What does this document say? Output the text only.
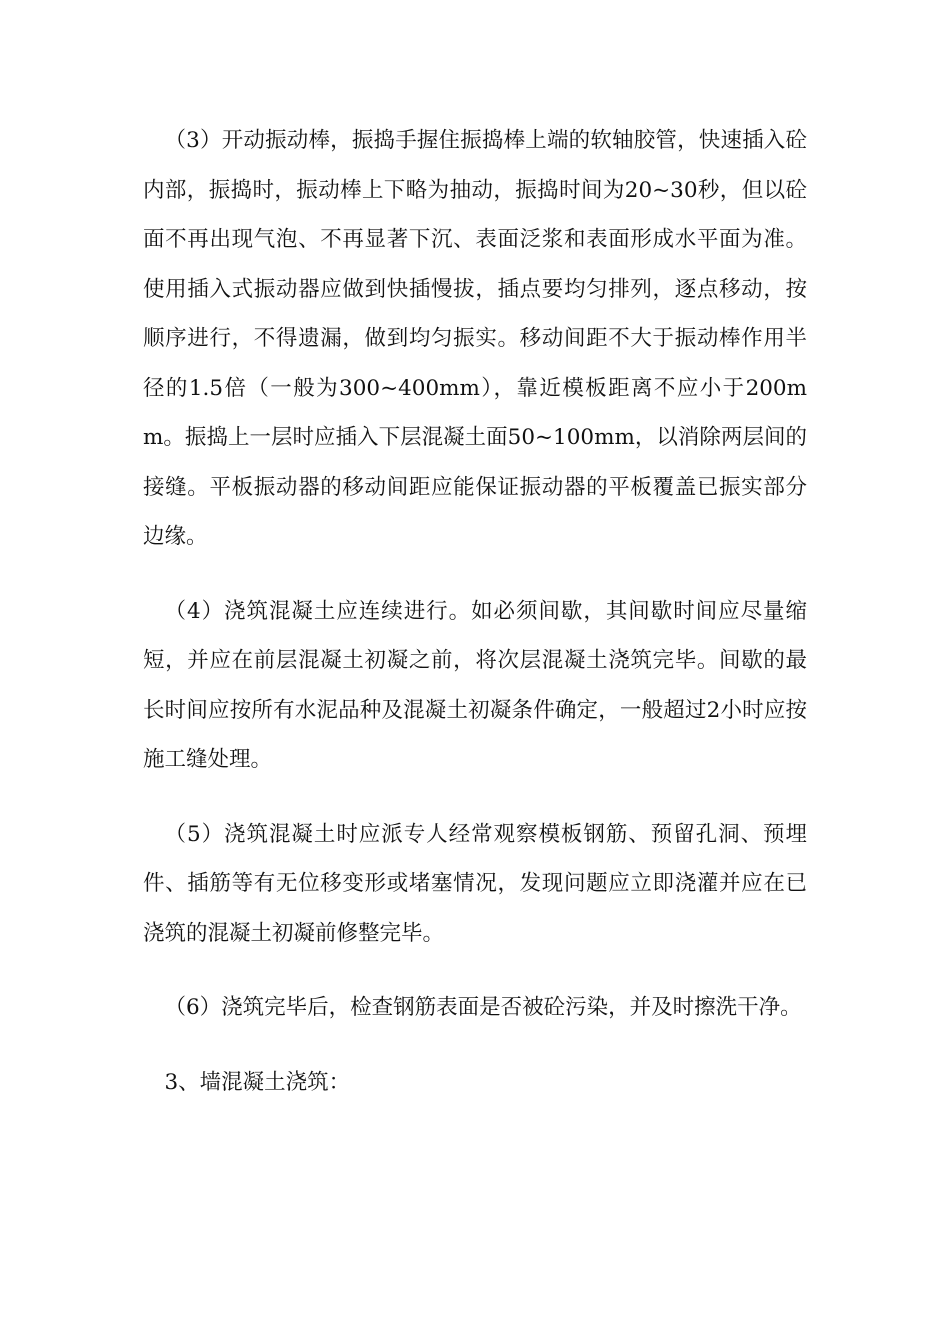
（3）开动振动棒，振捣手握住振捣棒上端的软轴胶管，快速插入砼内部，振捣时，振动棒上下略为抽动，振捣时间为20~30秒，但以砼面不再出现气泡、不再显著下沉、表面泛浆和表面形成水平面为准。使用插入式振动器应做到快插慢拔，插点要均匀排列，逐点移动，按顺序进行，不得遗漏，做到均匀振实。移动间距不大于振动棒作用半径的1.5倍（一般为300~400mm），靠近模板距离不应小于200mm。振捣上一层时应插入下层混凝土面50~100mm，以消除两层间的接缝。平板振动器的移动间距应能保证振动器的平板覆盖已振实部分边缘。

（4）浇筑混凝土应连续进行。如必须间歇，其间歇时间应尽量缩短，并应在前层混凝土初凝之前，将次层混凝土浇筑完毕。间歇的最长时间应按所有水泥品种及混凝土初凝条件确定，一般超过2小时应按施工缝处理。

（5）浇筑混凝土时应派专人经常观察模板钢筋、预留孔洞、预埋件、插筋等有无位移变形或堵塞情况，发现问题应立即浇灌并应在已浇筑的混凝土初凝前修整完毕。

（6）浇筑完毕后，检查钢筋表面是否被砼污染，并及时擦洗干净。

3、墙混凝土浇筑：
